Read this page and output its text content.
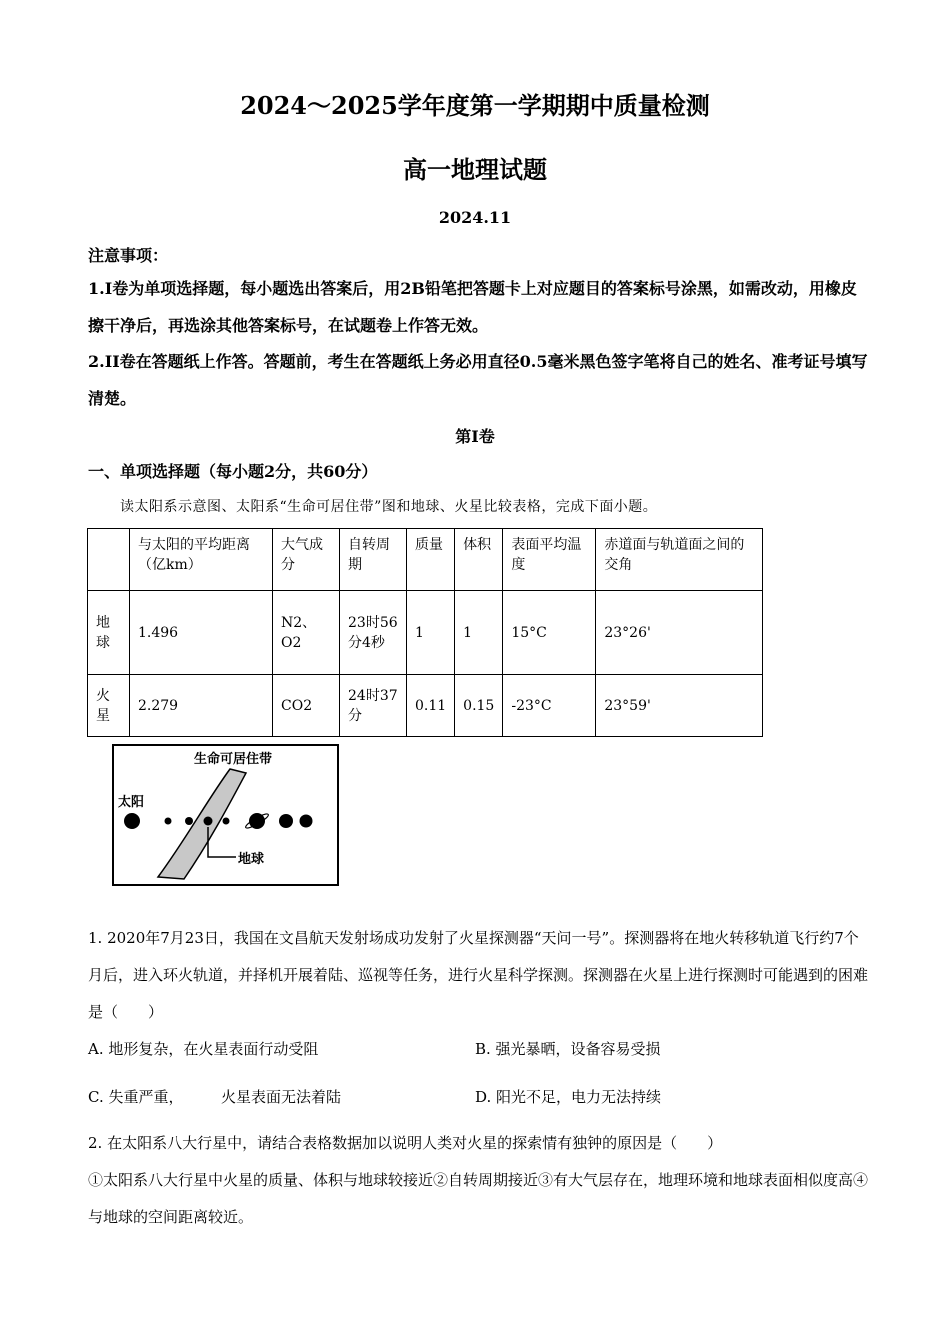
2024～2025学年度第一学期期中质量检测
高一地理试题
2024.11
注意事项：
1.I卷为单项选择题，每小题选出答案后，用2B铅笔把答题卡上对应题目的答案标号涂黑，如需改动，用橡皮擦干净后，再选涂其他答案标号，在试题卷上作答无效。
2.II卷在答题纸上作答。答题前，考生在答题纸上务必用直径0.5毫米黑色签字笔将自己的姓名、准考证号填写清楚。
第I卷
一、单项选择题（每小题2分，共60分）
读太阳系示意图、太阳系“生命可居住带”图和地球、火星比较表格，完成下面小题。
	与太阳的平均距离（亿km）	大气成分	自转周期	质量	体积	表面平均温度	赤道面与轨道面之间的交角
地球	1.496	N2、O2	23时56分4秒	1	1	15°C	23°26'
火星	2.279	CO2	24时37分	0.11	0.15	-23°C	23°59'
生命可居住带
太阳
地球
1. 2020年7月23日，我国在文昌航天发射场成功发射了火星探测器“天问一号”。探测器将在地火转移轨道飞行约7个月后，进入环火轨道，并择机开展着陆、巡视等任务，进行火星科学探测。探测器在火星上进行探测时可能遇到的困难是（　　）
A. 地形复杂，在火星表面行动受阻	B. 强光暴晒，设备容易受损
C. 失重严重，　　　火星表面无法着陆	D. 阳光不足，电力无法持续
2. 在太阳系八大行星中，请结合表格数据加以说明人类对火星的探索情有独钟的原因是（　　）
①太阳系八大行星中火星的质量、体积与地球较接近②自转周期接近③有大气层存在，地理环境和地球表面相似度高④与地球的空间距离较近。
